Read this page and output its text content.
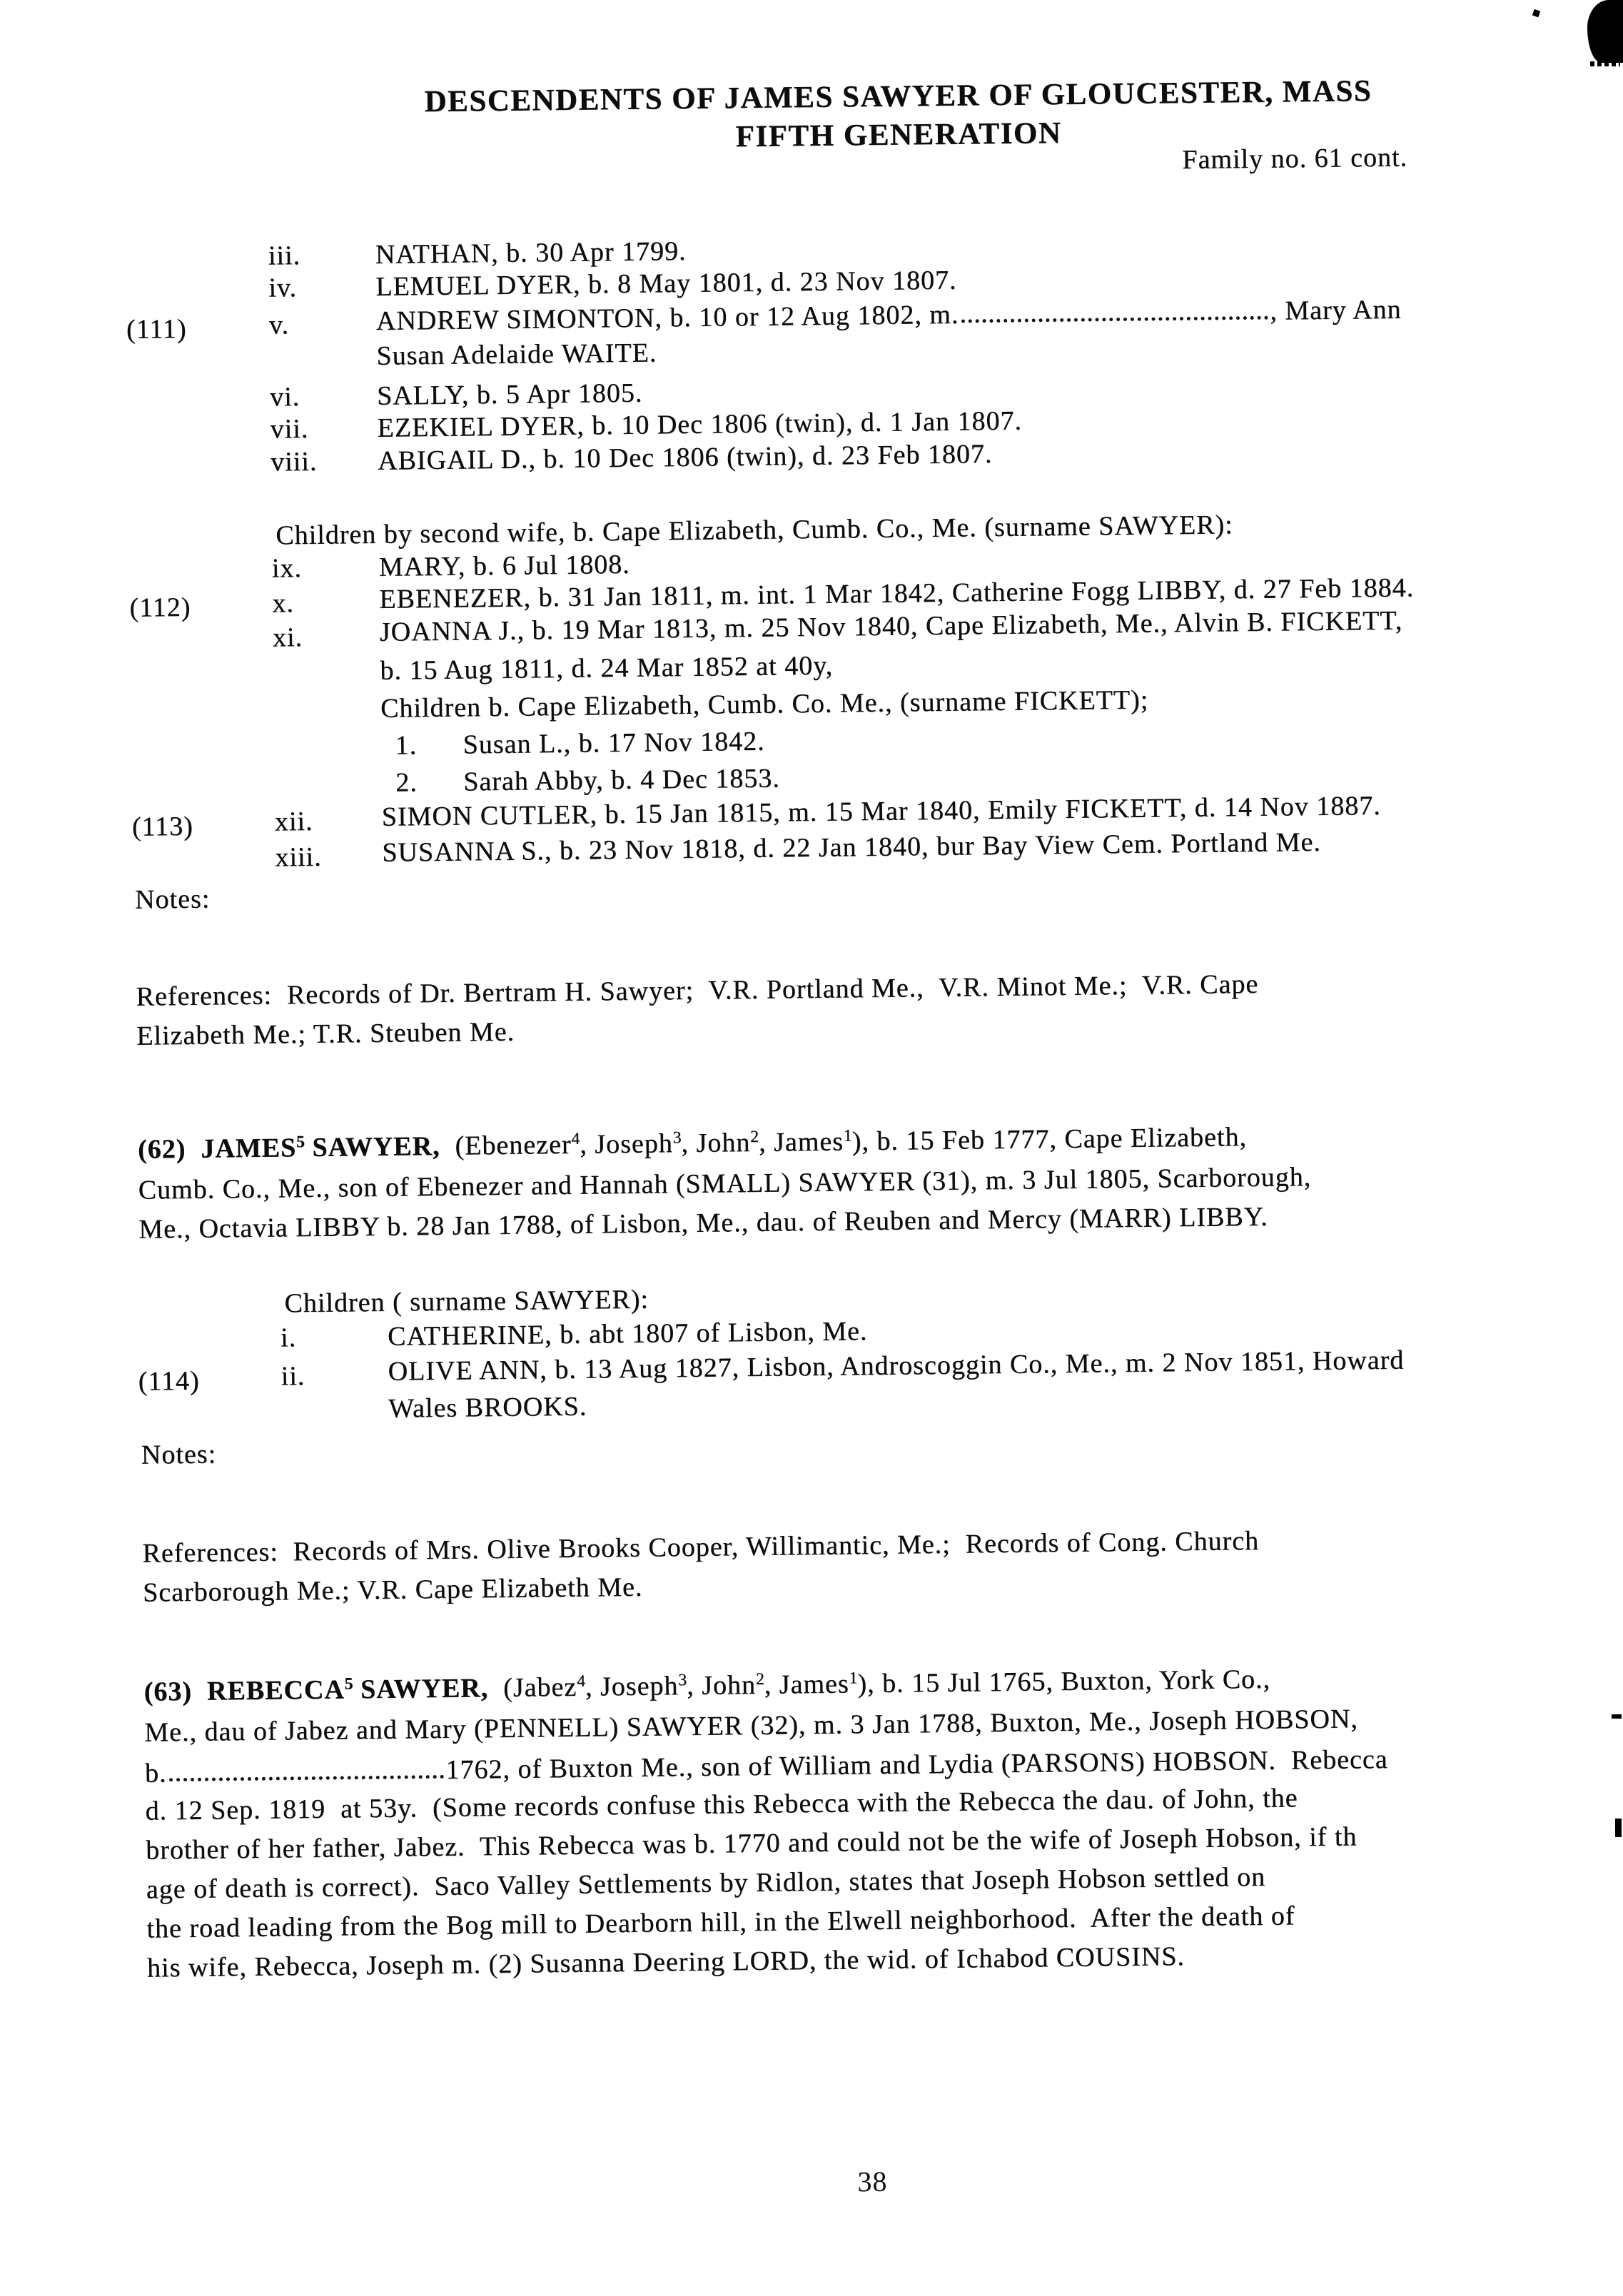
DESCENDENTS OF JAMES SAWYER OF GLOUCESTER, MASS
FIFTH GENERATION
Family no. 61 cont.
iii.	NATHAN, b. 30 Apr 1799.
iv.	LEMUEL DYER, b. 8 May 1801, d. 23 Nov 1807.
(111)	v.	ANDREW SIMONTON, b. 10 or 12 Aug 1802, m.	, Mary Ann
Susan Adelaide WAITE.
vi.	SALLY, b. 5 Apr 1805.
vii.	EZEKIEL DYER, b. 10 Dec 1806 (twin), d. 1 Jan 1807.
viii. ABIGAIL D., b. 10 Dec 1806 (twin), d. 23 Feb 1807.
Children by second wife, b. Cape Elizabeth, Cumb. Co., Me. (surname SAWYER):
ix.	MARY, b. 6 Jul 1808.
(112)	x.	EBENEZER, b. 31 Jan 1811, m. int. 1 Mar 1842, Catherine Fogg LIBBY, d. 27 Feb 1884.
xi.	JOANNA J., b. 19 Mar 1813, m. 25 Nov 1840, Cape Elizabeth, Me., Alvin B. FICKETT,
b. 15 Aug 1811, d. 24 Mar 1852 at 40y,
Children b. Cape Elizabeth, Cumb. Co. Me., (surname FICKETT);
1. Susan L., b. 17 Nov 1842.
2. Sarah Abby, b. 4 Dec 1853.
(113)	xii.	SIMON CUTLER, b. 15 Jan 1815, m. 15 Mar 1840, Emily FICKETT, d. 14 Nov 1887.
xiii. SUSANNA S., b. 23 Nov 1818, d. 22 Jan 1840, bur Bay View Cem. Portland Me.
Notes:
References:  Records of Dr. Bertram H. Sawyer;  V.R. Portland Me.,  V.R. Minot Me.;  V.R. Cape
Elizabeth Me.; T.R. Steuben Me.
(62)  JAMES$^5$ SAWYER,  (Ebenezer$^4$, Joseph$^3$, John$^2$, James$^1$), b. 15 Feb 1777, Cape Elizabeth,
Cumb. Co., Me., son of Ebenezer and Hannah (SMALL) SAWYER (31), m. 3 Jul 1805, Scarborough,
Me., Octavia LIBBY b. 28 Jan 1788, of Lisbon, Me., dau. of Reuben and Mercy (MARR) LIBBY.
Children ( surname SAWYER):
i.	CATHERINE, b. abt 1807 of Lisbon, Me.
(114)	ii.	OLIVE ANN, b. 13 Aug 1827, Lisbon, Androscoggin Co., Me., m. 2 Nov 1851, Howard
Wales BROOKS.
Notes:
References:  Records of Mrs. Olive Brooks Cooper, Willimantic, Me.;  Records of Cong. Church
Scarborough Me.; V.R. Cape Elizabeth Me.
(63)  REBECCA$^5$ SAWYER,  (Jabez$^4$, Joseph$^3$, John$^2$, James$^1$), b. 15 Jul 1765, Buxton, York Co.,
Me., dau of Jabez and Mary (PENNELL) SAWYER (32), m. 3 Jan 1788, Buxton, Me., Joseph HOBSON,
b.	1762, of Buxton Me., son of William and Lydia (PARSONS) HOBSON.  Rebecca
d. 12 Sep. 1819  at 53y.  (Some records confuse this Rebecca with the Rebecca the dau. of John, the
brother of her father, Jabez.  This Rebecca was b. 1770 and could not be the wife of Joseph Hobson, if th
age of death is correct).  Saco Valley Settlements by Ridlon, states that Joseph Hobson settled on
the road leading from the Bog mill to Dearborn hill, in the Elwell neighborhood.  After the death of
his wife, Rebecca, Joseph m. (2) Susanna Deering LORD, the wid. of Ichabod COUSINS.
38
